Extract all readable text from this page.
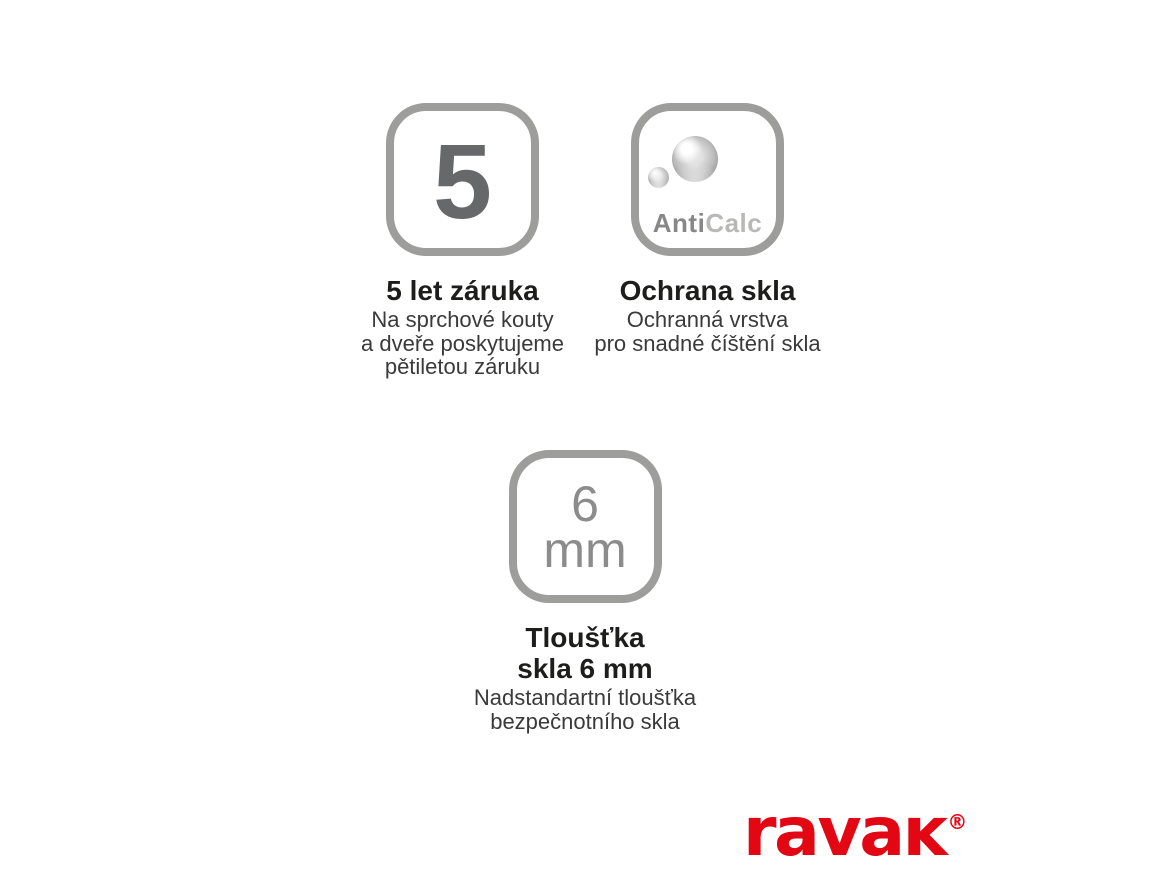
5
5 let záruka
Na sprchové kouty
a dveře poskytujeme
pětiletou záruku
AntiCalc
Ochrana skla
Ochranná vrstva
pro snadné číštění skla
6
mm
Tloušťka
skla 6 mm
Nadstandartní tloušťka
bezpečnotního skla
ravaĸ ®
